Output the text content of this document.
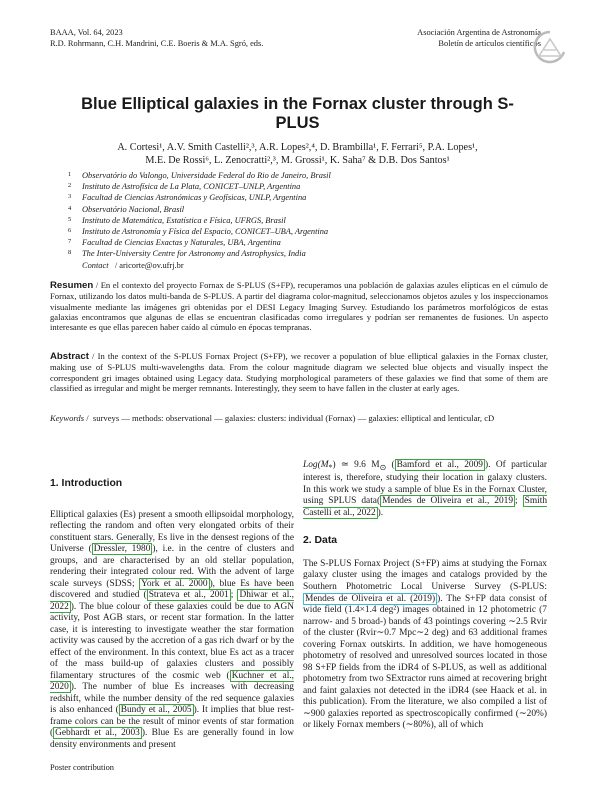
BAAA, Vol. 64, 2023
R.D. Rohrmann, C.H. Mandrini, C.E. Boeris & M.A. Sgró, eds.
Asociación Argentina de Astronomía
Boletín de artículos científicos
Blue Elliptical galaxies in the Fornax cluster through S-PLUS
A. Cortesi¹, A.V. Smith Castelli²,³, A.R. Lopes²,⁴, D. Brambilla¹, F. Ferrari⁵, P.A. Lopes¹,
M.E. De Rossi⁶, L. Zenocratti²,³, M. Grossi¹, K. Saha⁷ & D.B. Dos Santos¹
1 Observatório do Valongo, Universidade Federal do Rio de Janeiro, Brasil
2 Instituto de Astrofísica de La Plata, CONICET–UNLP, Argentina
3 Facultad de Ciencias Astronómicas y Geofísicas, UNLP, Argentina
4 Observatório Nacional, Brasil
5 Instituto de Matemática, Estatística e Física, UFRGS, Brasil
6 Instituto de Astronomía y Física del Espacio, CONICET–UBA, Argentina
7 Facultad de Ciencias Exactas y Naturales, UBA, Argentina
8 The Inter-University Centre for Astronomy and Astrophysics, India
Contact   / aricorte@ov.ufrj.br
Resumen / En el contexto del proyecto Fornax de S-PLUS (S+FP), recuperamos una población de galaxias azules elípticas en el cúmulo de Fornax, utilizando los datos multi-banda de S-PLUS. A partir del diagrama color-magnitud, seleccionamos objetos azules y los inspeccionamos visualmente mediante las imágenes gri obtenidas por el DESI Legacy Imaging Survey. Estudiando los parámetros morfológicos de estas galaxias encontramos que algunas de ellas se encuentran clasificadas como irregulares y podrían ser remanentes de fusiones. Un aspecto interesante es que ellas parecen haber caído al cúmulo en épocas tempranas.
Abstract / In the context of the S-PLUS Fornax Project (S+FP), we recover a population of blue elliptical galaxies in the Fornax cluster, making use of S-PLUS multi-wavelengths data. From the colour magnitude diagram we selected blue objects and visually inspect the correspondent gri images obtained using Legacy data. Studying morphological parameters of these galaxies we find that some of them are classified as irregular and might be merger remnants. Interestingly, they seem to have fallen in the cluster at early ages.
Keywords /  surveys — methods: observational — galaxies: clusters: individual (Fornax) — galaxies: elliptical and lenticular, cD
1. Introduction

Elliptical galaxies (Es) present a smooth ellipsoidal morphology, reflecting the random and often very elongated orbits of their constituent stars. Generally, Es live in the densest regions of the Universe ( Dressler, 1980 ), i.e. in the centre of clusters and groups, and are characterised by an old stellar population, rendering their integrated colour red. With the advent of large scale surveys (SDSS; York et al. 2000 ), blue Es have been discovered and studied ( Strateva et al., 2001 ; Dhiwar et al., 2022 ). The blue colour of these galaxies could be due to AGN activity, Post AGB stars, or recent star formation. In the latter case, it is interesting to investigate weather the star formation activity was caused by the accretion of a gas rich dwarf or by the effect of the environment. In this context, blue Es act as a tracer of the mass build-up of galaxies clusters and possibly filamentary structures of the cosmic web ( Kuchner et al., 2020 ). The number of blue Es increases with decreasing redshift, while the number density of the red sequence galaxies is also enhanced ( Bundy et al., 2005 ). It implies that blue rest-frame colors can be the result of minor events of star formation ( Gebhardt et al., 2003 ). Blue Es are generally found in low density environments and present

$Log(M_*)$ ≃ 9.6 $M_⊙$ ( Bamford et al., 2009 ). Of particular interest is, therefore, studying their location in galaxy clusters. In this work we study a sample of blue Es in the Fornax Cluster, using SPLUS data( Mendes de Oliveira et al., 2019 ; Smith Castelli et al., 2022 ).

2. Data

The S-PLUS Fornax Project (S+FP) aims at studying the Fornax galaxy cluster using the images and catalogs provided by the Southern Photometric Local Universe Survey (S-PLUS: Mendes de Oliveira et al. (2019) ). The S+FP data consist of wide field (1.4×1.4 deg²) images obtained in 12 photometric (7 narrow- and 5 broad-) bands of 43 pointings covering ∼2.5 Rvir of the cluster (Rvir∼0.7 Mpc∼2 deg) and 63 additional frames covering Fornax outskirts. In addition, we have homogeneous photometry of resolved and unresolved sources located in those 98 S+FP fields from the iDR4 of S-PLUS, as well as additional photometry from two SExtractor runs aimed at recovering bright and faint galaxies not detected in the iDR4 (see Haack et al. in this publication). From the literature, we also compiled a list of ∼900 galaxies reported as spectroscopically confirmed (∼20%) or likely Fornax members (∼80%), all of which

Poster contribution
